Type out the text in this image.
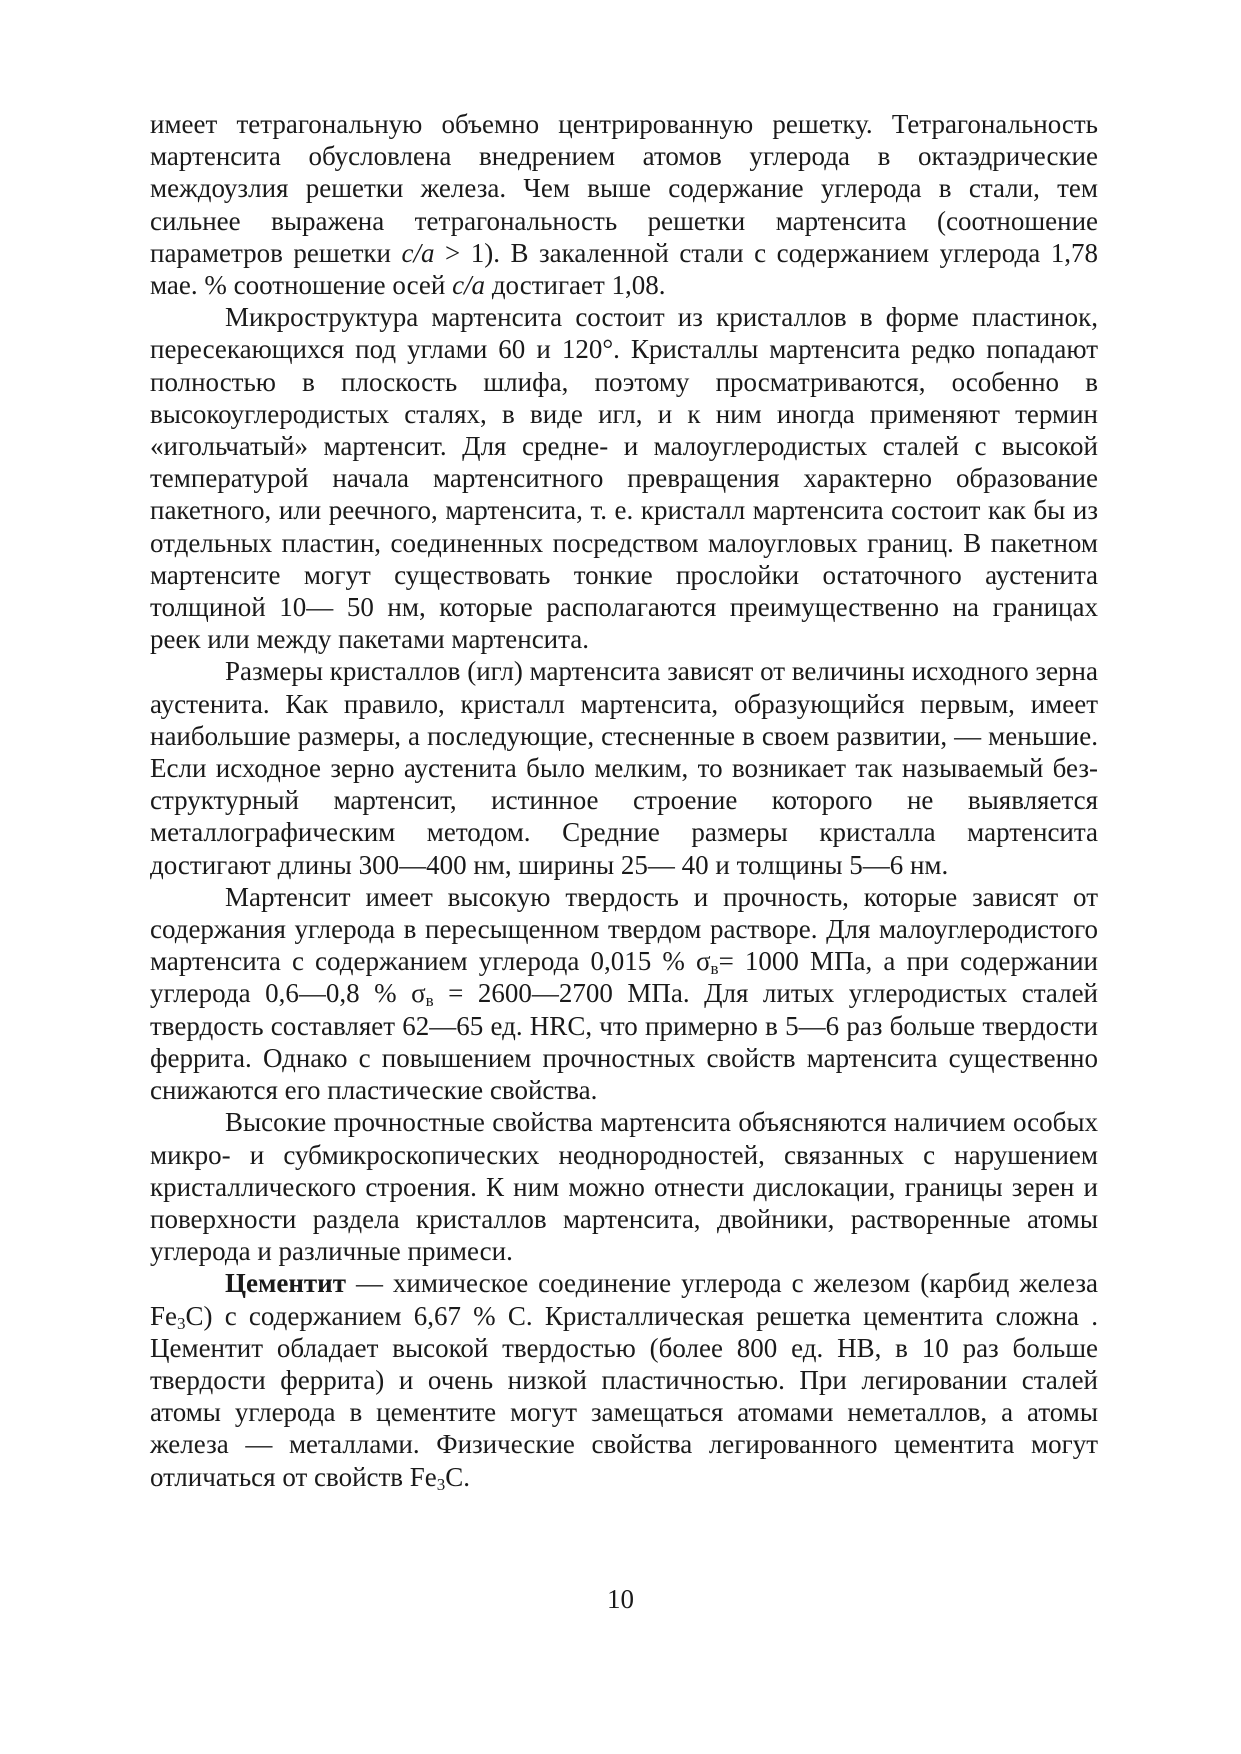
имеет тетрагональную объемно центрированную решетку. Тетрагональность мартенсита обусловлена внедрением атомов углерода в октаэдрические междоузлия решетки железа. Чем выше содержание углерода в стали, тем сильнее выражена тетрагональность решетки мартенсита (соотношение параметров решетки c/a > 1). В закаленной стали с содержанием углерода 1,78 мае. % соотношение осей c/a достигает 1,08.

Микроструктура мартенсита состоит из кристаллов в форме пластинок, пересекающихся под углами 60 и 120°. Кристаллы мартенсита редко попадают полностью в плоскость шлифа, поэтому просматриваются, особенно в высокоуглеродистых сталях, в виде игл, и к ним иногда применяют термин «игольчатый» мартенсит. Для средне- и малоуглеродистых сталей с высокой температурой начала мартенситного превращения характерно образование пакетного, или реечного, мартенсита, т. е. кристалл мартенсита состоит как бы из отдельных пластин, соединенных посредством малоугловых границ. В пакетном мартенсите могут существовать тонкие прослойки остаточного аустенита толщиной 10— 50 нм, которые располагаются преимущественно на границах реек или между пакетами мартенсита.

Размеры кристаллов (игл) мартенсита зависят от величины исходного зерна аустенита. Как правило, кристалл мартенсита, образующийся первым, имеет наибольшие размеры, а последующие, стесненные в своем развитии, — меньшие. Если исходное зерно аустенита было мелким, то возникает так называемый без-структурный мартенсит, истинное строение которого не выявляется металлографическим методом. Средние размеры кристалла мартенсита достигают длины 300—400 нм, ширины 25— 40 и толщины 5—6 нм.

Мартенсит имеет высокую твердость и прочность, которые зависят от содержания углерода в пересыщенном твердом растворе. Для малоуглеродистого мартенсита с содержанием углерода 0,015 % $\sigma_в= 1000$ МПа, а при содержании углерода 0,6—0,8 % $\sigma_в$ = 2600—2700 МПа. Для литых углеродистых сталей твердость составляет 62—65 ед. HRC, что примерно в 5—6 раз больше твердости феррита. Однако с повышением прочностных свойств мартенсита существенно снижаются его пластические свойства.

Высокие прочностные свойства мартенсита объясняются наличием особых микро- и субмикроскопических неоднородностей, связанных с нарушением кристаллического строения. К ним можно отнести дислокации, границы зерен и поверхности раздела кристаллов мартенсита, двойники, растворенные атомы углерода и различные примеси.

Цементит — химическое соединение углерода с железом (карбид железа $Fe_3C$) с содержанием 6,67 % С. Кристаллическая решетка цементита сложна . Цементит обладает высокой твердостью (более 800 ед. НВ, в 10 раз больше твердости феррита) и очень низкой пластичностью. При легировании сталей атомы углерода в цементите могут замещаться атомами неметаллов, а атомы железа — металлами. Физические свойства легированного цементита могут отличаться от свойств $Fe_3C$.

10
